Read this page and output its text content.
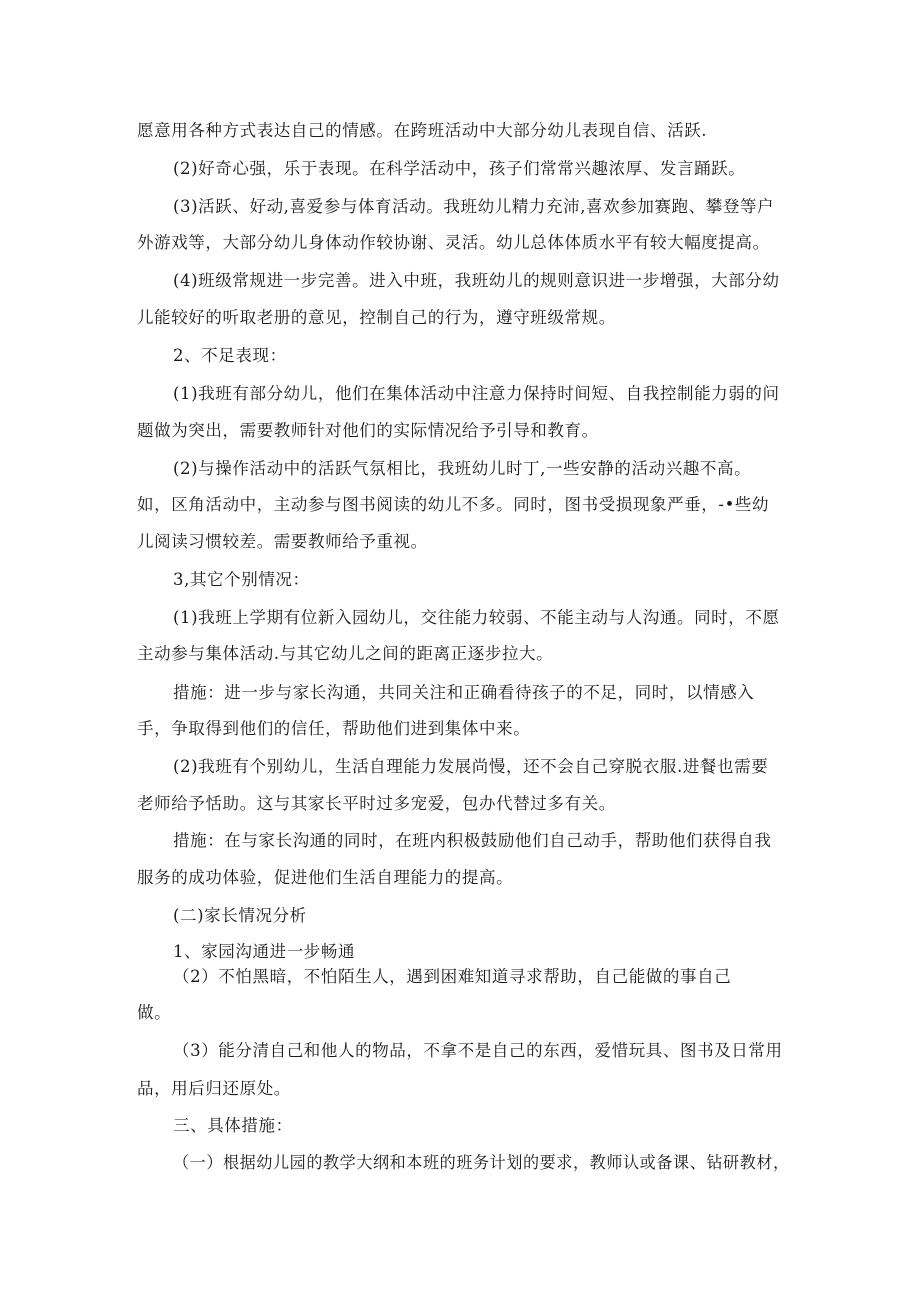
愿意用各种方式表达自己的情感。在跨班活动中大部分幼儿表现自信、活跃.
(2)好奇心强，乐于表现。在科学活动中，孩子们常常兴趣浓厚、发言踊跃。
(3)活跃、好动,喜爱参与体育活动。我班幼儿精力充沛,喜欢参加赛跑、攀登等户
外游戏等，大部分幼儿身体动作较协谢、灵活。幼儿总体体质水平有较大幅度提高。
(4)班级常规进一步完善。进入中班，我班幼儿的规则意识进一步增强，大部分幼
儿能较好的听取老册的意见，控制自己的行为，遵守班级常规。
2、不足表现：
(1)我班有部分幼儿，他们在集体活动中注意力保持时间短、自我控制能力弱的问
题做为突出，需要教师针对他们的实际情况给予引导和教育。
(2)与操作活动中的活跃气氛相比，我班幼儿时丁,一些安静的活动兴趣不高。
如，区角活动中，主动参与图书阅读的幼儿不多。同时，图书受损现象严垂，-•些幼
儿阅读习惯较差。需要教师给予重视。
3,其它个别情况：
(1)我班上学期有位新入园幼儿，交往能力较弱、不能主动与人沟通。同时，不愿
主动参与集体活动.与其它幼儿之间的距离正逐步拉大。
措施：进一步与家长沟通，共同关注和正确看待孩子的不足，同时，以情感入
手，争取得到他们的信任，帮助他们进到集体中来。
(2)我班有个别幼儿，生活自理能力发展尚慢，还不会自己穿脱衣服.进餐也需要
老师给予恬助。这与其家长平时过多宠爱，包办代替过多有关。
措施：在与家长沟通的同时，在班内积极鼓励他们自己动手，帮助他们获得自我
服务的成功体验，促进他们生活自理能力的提高。
(二)家长情况分析
1、家园沟通进一步畅通
（2）不怕黑暗，不怕陌生人，遇到困难知道寻求帮助，自己能做的事自己
做。
（3）能分清自己和他人的物品，不拿不是自己的东西，爱惜玩具、图书及日常用
品，用后归还原处。
三、具体措施：
（一）根据幼儿园的教学大纲和本班的班务计划的要求，教师认或备课、钻研教材，
